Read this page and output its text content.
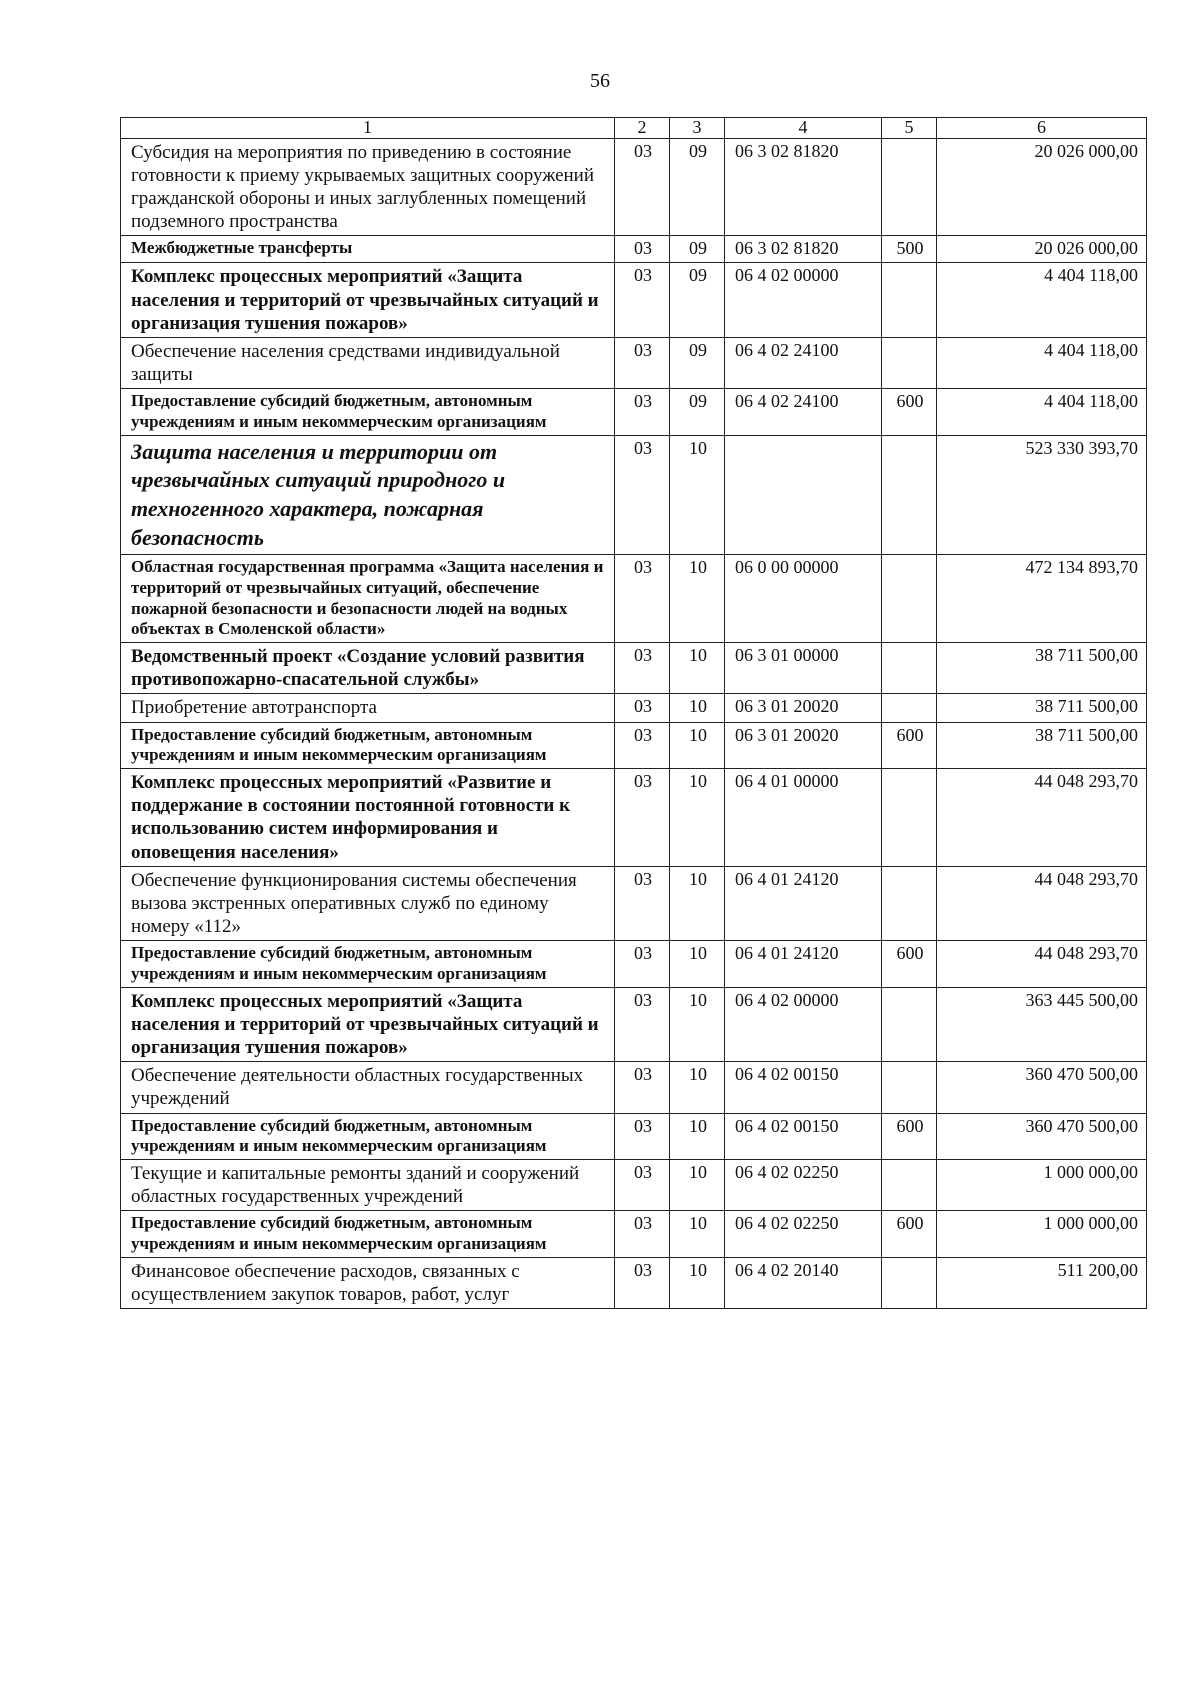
56
1	2	3	4	5	6
Субсидия на мероприятия по приведению в состояние готовности к приему укрываемых защитных сооружений гражданской обороны и иных заглубленных помещений подземного пространства	03	09	06 3 02 81820		20 026 000,00
Межбюджетные трансферты	03	09	06 3 02 81820	500	20 026 000,00
Комплекс процессных мероприятий «Защита населения и территорий от чрезвычайных ситуаций и организация тушения пожаров»	03	09	06 4 02 00000		4 404 118,00
Обеспечение населения средствами индивидуальной защиты	03	09	06 4 02 24100		4 404 118,00
Предоставление субсидий бюджетным, автономным учреждениям и иным некоммерческим организациям	03	09	06 4 02 24100	600	4 404 118,00
Защита населения и территории от чрезвычайных ситуаций природного и техногенного характера, пожарная безопасность	03	10			523 330 393,70
Областная государственная программа «Защита населения и территорий от чрезвычайных ситуаций, обеспечение пожарной безопасности и безопасности людей на водных объектах в Смоленской области»	03	10	06 0 00 00000		472 134 893,70
Ведомственный проект «Создание условий развития противопожарно-спасательной службы»	03	10	06 3 01 00000		38 711 500,00
Приобретение автотранспорта	03	10	06 3 01 20020		38 711 500,00
Предоставление субсидий бюджетным, автономным учреждениям и иным некоммерческим организациям	03	10	06 3 01 20020	600	38 711 500,00
Комплекс процессных мероприятий «Развитие и поддержание в состоянии постоянной готовности к использованию систем информирования и оповещения населения»	03	10	06 4 01 00000		44 048 293,70
Обеспечение функционирования системы обеспечения вызова экстренных оперативных служб по единому номеру «112»	03	10	06 4 01 24120		44 048 293,70
Предоставление субсидий бюджетным, автономным учреждениям и иным некоммерческим организациям	03	10	06 4 01 24120	600	44 048 293,70
Комплекс процессных мероприятий «Защита населения и территорий от чрезвычайных ситуаций и организация тушения пожаров»	03	10	06 4 02 00000		363 445 500,00
Обеспечение деятельности областных государственных учреждений	03	10	06 4 02 00150		360 470 500,00
Предоставление субсидий бюджетным, автономным учреждениям и иным некоммерческим организациям	03	10	06 4 02 00150	600	360 470 500,00
Текущие и капитальные ремонты зданий и сооружений областных государственных учреждений	03	10	06 4 02 02250		1 000 000,00
Предоставление субсидий бюджетным, автономным учреждениям и иным некоммерческим организациям	03	10	06 4 02 02250	600	1 000 000,00
Финансовое обеспечение расходов, связанных с осуществлением закупок товаров, работ, услуг	03	10	06 4 02 20140		511 200,00
